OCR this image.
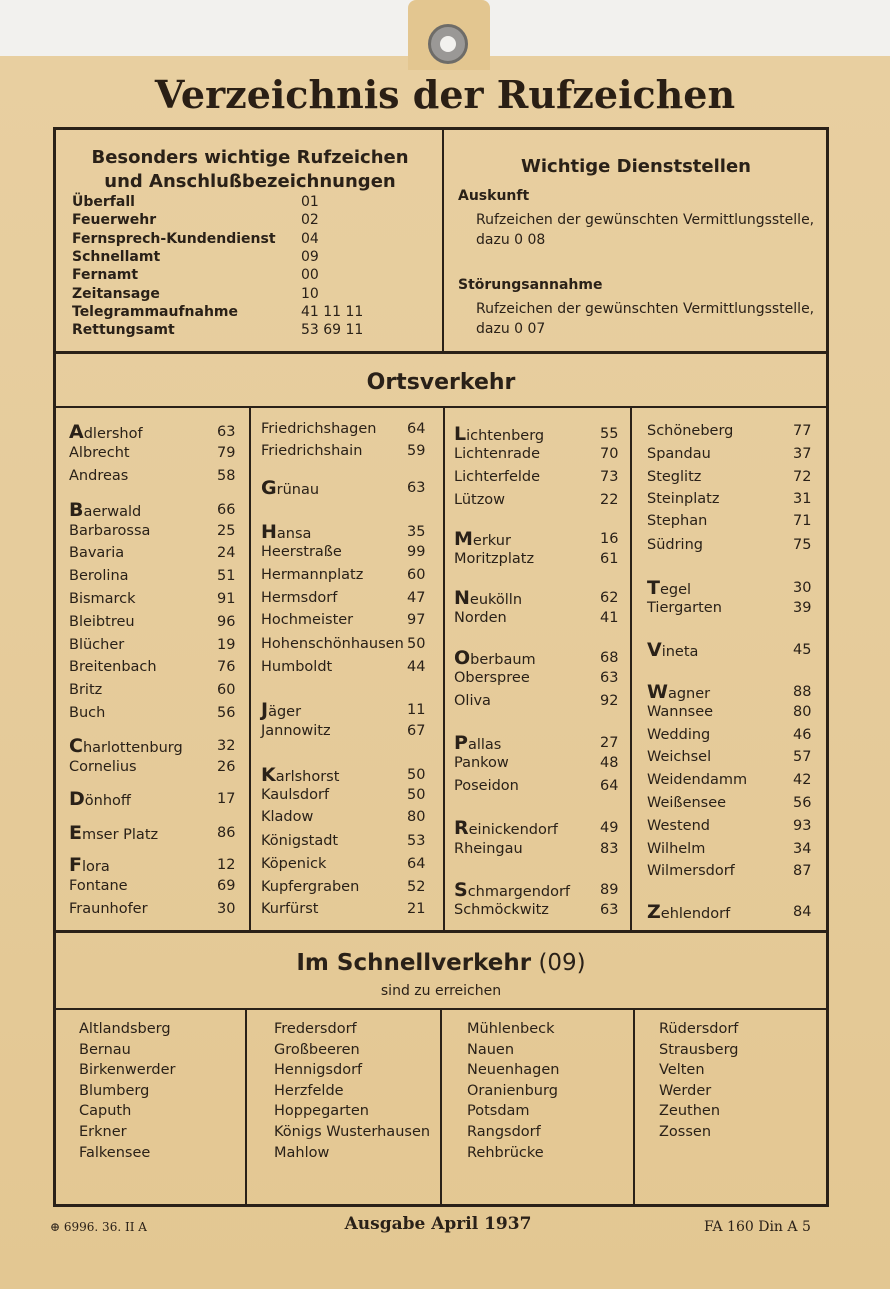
Verzeichnis der Rufzeichen
Besonders wichtige Rufzeichen
und Anschlußbezeichnungen
Überfall	01
Feuerwehr	02
Fernsprech-Kundendienst 04
Schnellamt	09
Fernamt	00
Zeitansage	10
Telegrammaufnahme	41 11 11
Rettungsamt	53 69 11
Wichtige Dienststellen
Auskunft
Rufzeichen der gewünschten Vermittlungsstelle,
dazu 0 08
Störungsannahme
Rufzeichen der gewünschten Vermittlungsstelle,
dazu 0 07
Ortsverkehr
Adlershof	63
Albrecht	79
Andreas	58
Baerwald	66
Barbarossa	25
Bavaria	24
Berolina	51
Bismarck	91
Bleibtreu	96
Blücher	19
Breitenbach	76
Britz	60
Buch	56
Charlottenburg 32
Cornelius	26
Dönhoff	17
Emser Platz	86
Flora	12
Fontane	69
Fraunhofer	30
Friedrichshagen 64
Friedrichshain	59
Grünau	63
Hansa	35
Heerstraße	99
Hermannplatz	60
Hermsdorf	47
Hochmeister	97
Hohenschönhausen 50
Humboldt	44
Jäger	11
Jannowitz	67
Karlshorst	50
Kaulsdorf	50
Kladow	80
Königstadt	53
Köpenick	64
Kupfergraben	52
Kurfürst	21
Lichtenberg	55
Lichtenrade	70
Lichterfelde	73
Lützow	22
Merkur	16
Moritzplatz	61
Neukölln	62
Norden	41
Oberbaum	68
Oberspree	63
Oliva	92
Pallas	27
Pankow	48
Poseidon	64
Reinickendorf	49
Rheingau	83
Schmargendorf 89
Schmöckwitz	63
Schöneberg	77
Spandau	37
Steglitz	72
Steinplatz	31
Stephan	71
Südring	75
Tegel	30
Tiergarten	39
Vineta	45
Wagner	88
Wannsee	80
Wedding	46
Weichsel	57
Weidendamm	42
Weißensee	56
Westend	93
Wilhelm	34
Wilmersdorf	87
Zehlendorf	84
Im Schnellverkehr (09)
sind zu erreichen
Altlandsberg
Bernau
Birkenwerder
Blumberg
Caputh
Erkner
Falkensee
Fredersdorf
Großbeeren
Hennigsdorf
Herzfelde
Hoppegarten
Königs Wusterhausen
Mahlow
Mühlenbeck
Nauen
Neuenhagen
Oranienburg
Potsdam
Rangsdorf
Rehbrücke
Rüdersdorf
Strausberg
Velten
Werder
Zeuthen
Zossen
⊕ 6996. 36. II A	Ausgabe April 1937	FA 160 Din A 5
